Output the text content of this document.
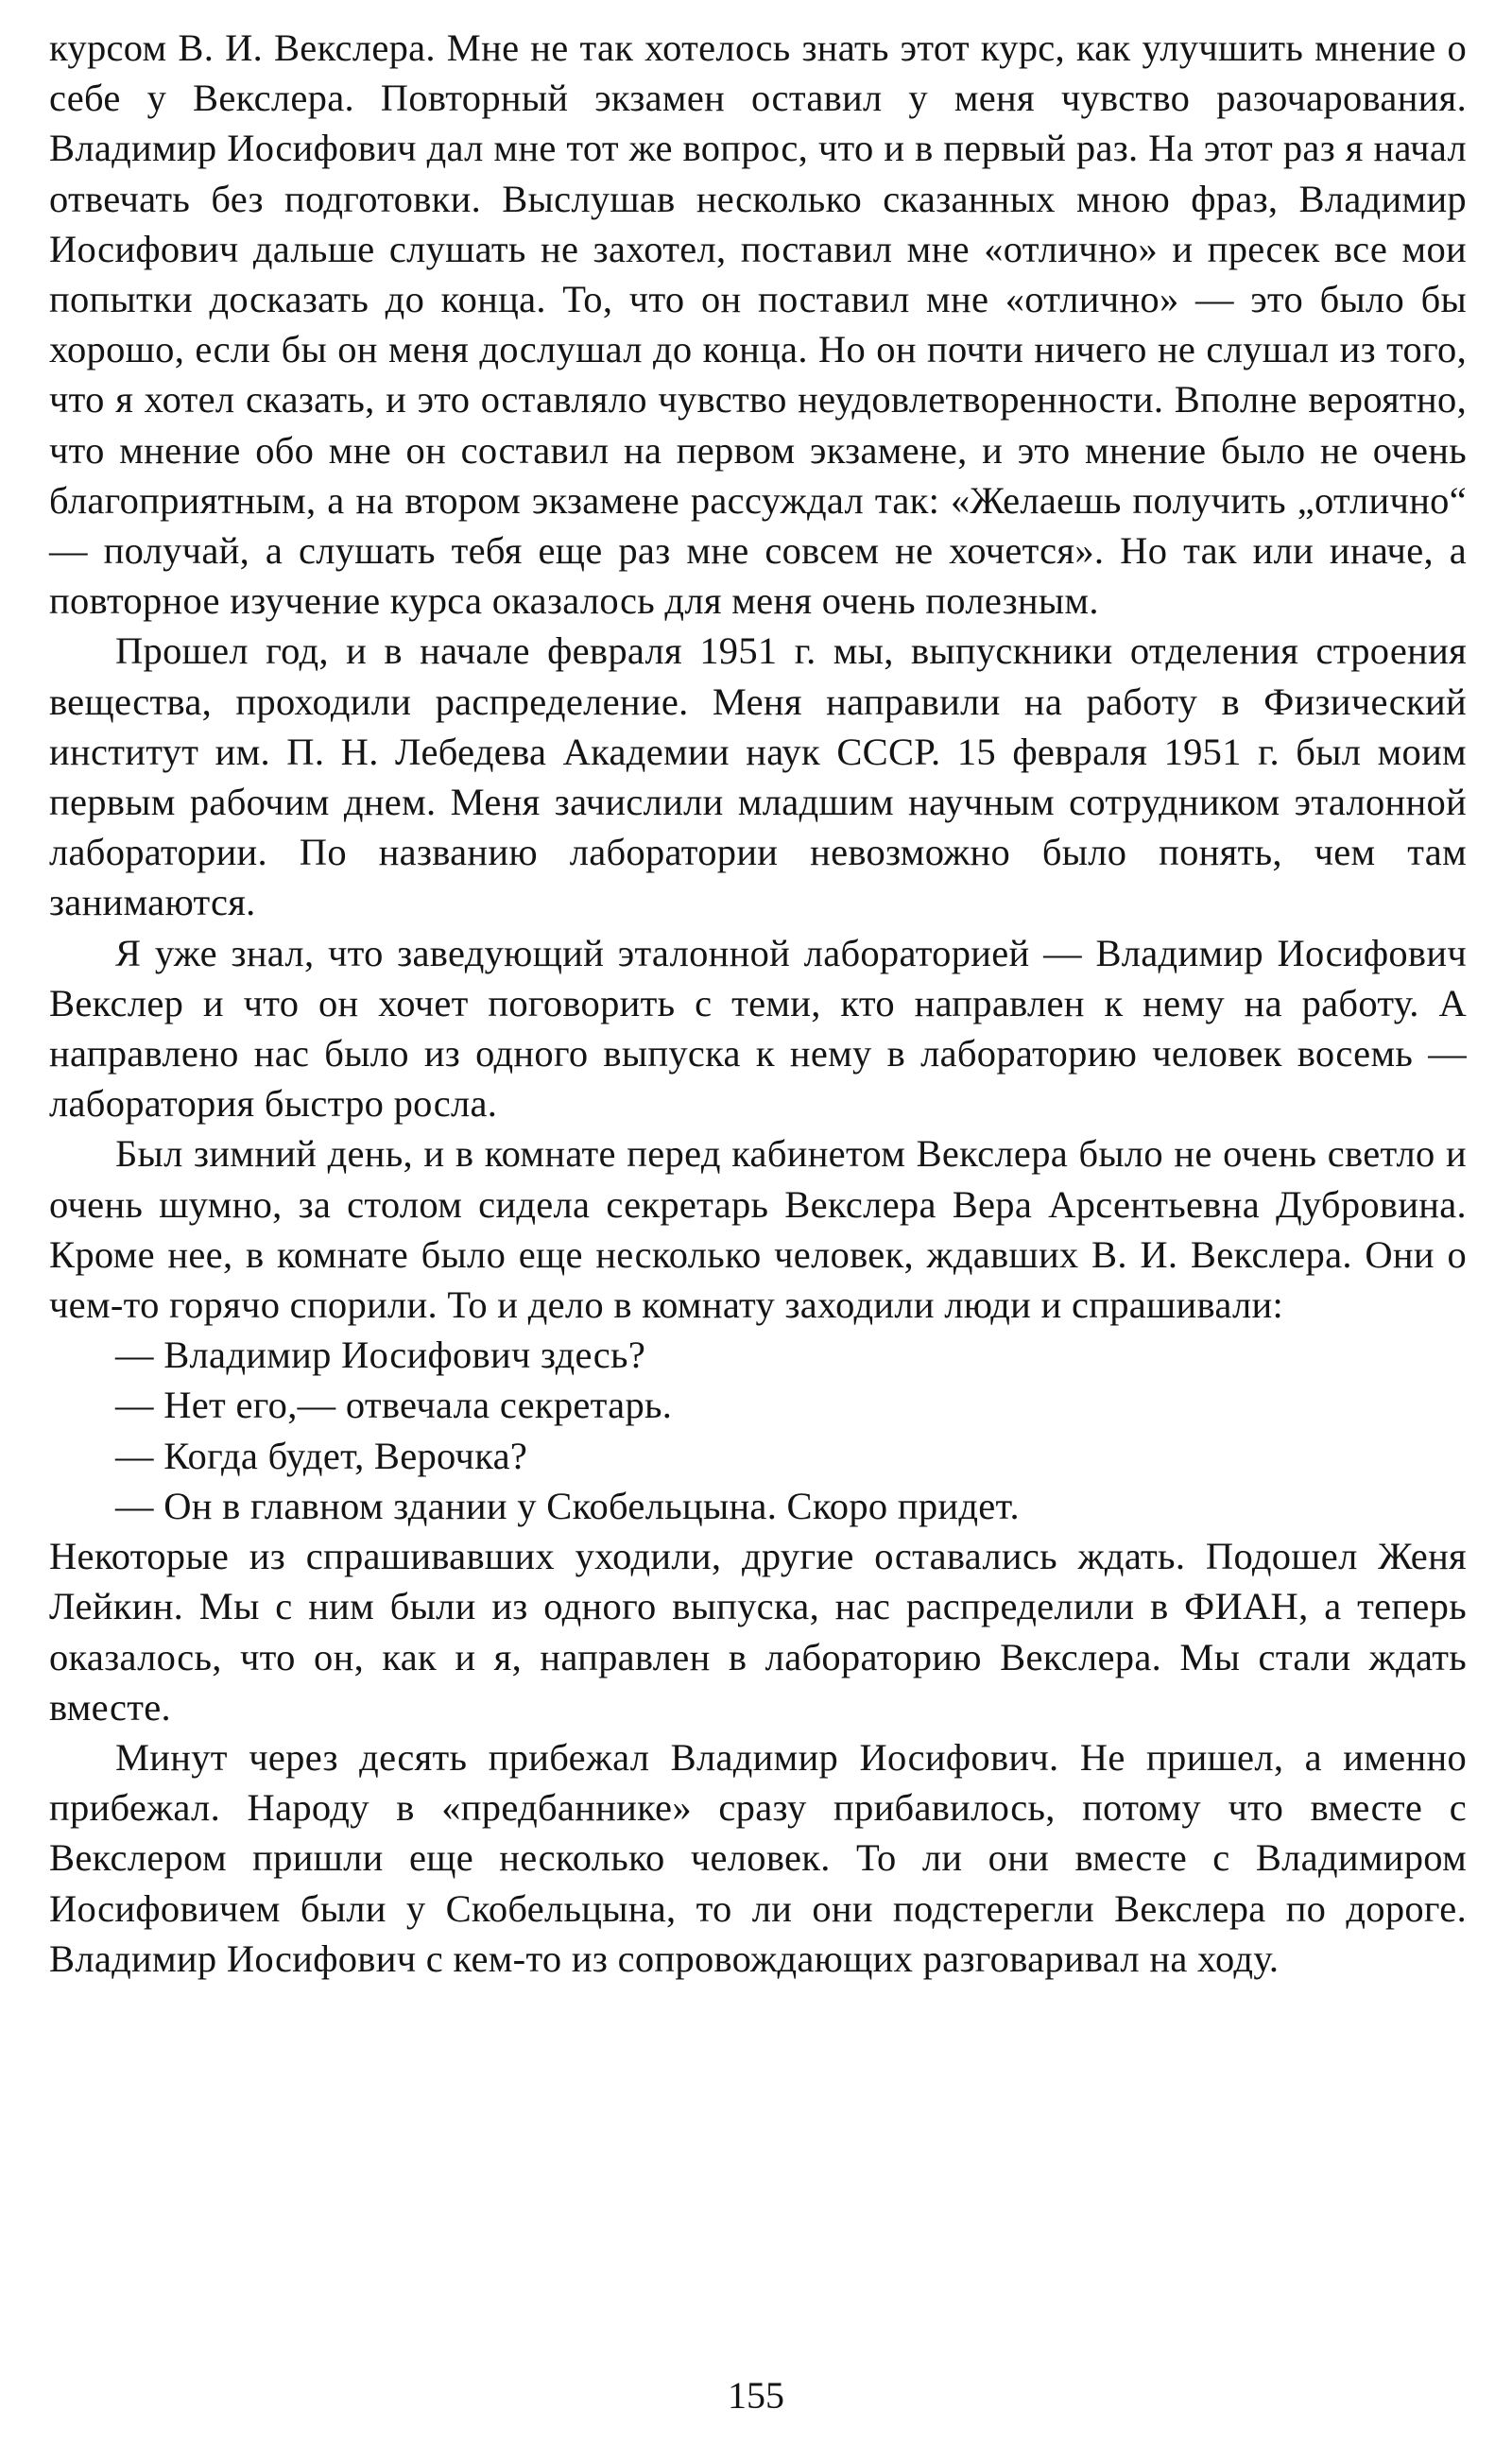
курсом В. И. Векслера. Мне не так хотелось знать этот курс, как улучшить мнение о себе у Векслера. Повторный экзамен оставил у меня чувство разочарования. Владимир Иосифович дал мне тот же вопрос, что и в первый раз. На этот раз я начал отвечать без подготовки. Выслушав несколько сказанных мною фраз, Владимир Иосифович дальше слушать не захотел, поставил мне «отлично» и пресек все мои попытки досказать до конца. То, что он поставил мне «отлично» — это было бы хорошо, если бы он меня дослушал до конца. Но он почти ничего не слушал из того, что я хотел сказать, и это оставляло чувство неудовлетворенности. Вполне вероятно, что мнение обо мне он составил на первом экзамене, и это мнение было не очень благоприятным, а на втором экзамене рассуждал так: «Желаешь получить „отлично“ — получай, а слушать тебя еще раз мне совсем не хочется». Но так или иначе, а повторное изучение курса оказалось для меня очень полезным.

Прошел год, и в начале февраля 1951 г. мы, выпускники отделения строения вещества, проходили распределение. Меня направили на работу в Физический институт им. П. Н. Лебедева Академии наук СССР. 15 февраля 1951 г. был моим первым рабочим днем. Меня зачислили младшим научным сотрудником эталонной лаборатории. По названию лаборатории невозможно было понять, чем там занимаются.

Я уже знал, что заведующий эталонной лабораторией — Владимир Иосифович Векслер и что он хочет поговорить с теми, кто направлен к нему на работу. А направлено нас было из одного выпуска к нему в лабораторию человек восемь — лаборатория быстро росла.

Был зимний день, и в комнате перед кабинетом Векслера было не очень светло и очень шумно, за столом сидела секретарь Векслера Вера Арсентьевна Дубровина. Кроме нее, в комнате было еще несколько человек, ждавших В. И. Векслера. Они о чем-то горячо спорили. То и дело в комнату заходили люди и спрашивали:

— Владимир Иосифович здесь?

— Нет его,— отвечала секретарь.

— Когда будет, Верочка?

— Он в главном здании у Скобельцына. Скоро придет.

Некоторые из спрашивавших уходили, другие оставались ждать. Подошел Женя Лейкин. Мы с ним были из одного выпуска, нас распределили в ФИАН, а теперь оказалось, что он, как и я, направлен в лабораторию Векслера. Мы стали ждать вместе.

Минут через десять прибежал Владимир Иосифович. Не пришел, а именно прибежал. Народу в «предбаннике» сразу прибавилось, потому что вместе с Векслером пришли еще несколько человек. То ли они вместе с Владимиром Иосифовичем были у Скобельцына, то ли они подстерегли Векслера по дороге. Владимир Иосифович с кем-то из сопровождающих разговаривал на ходу.

155
